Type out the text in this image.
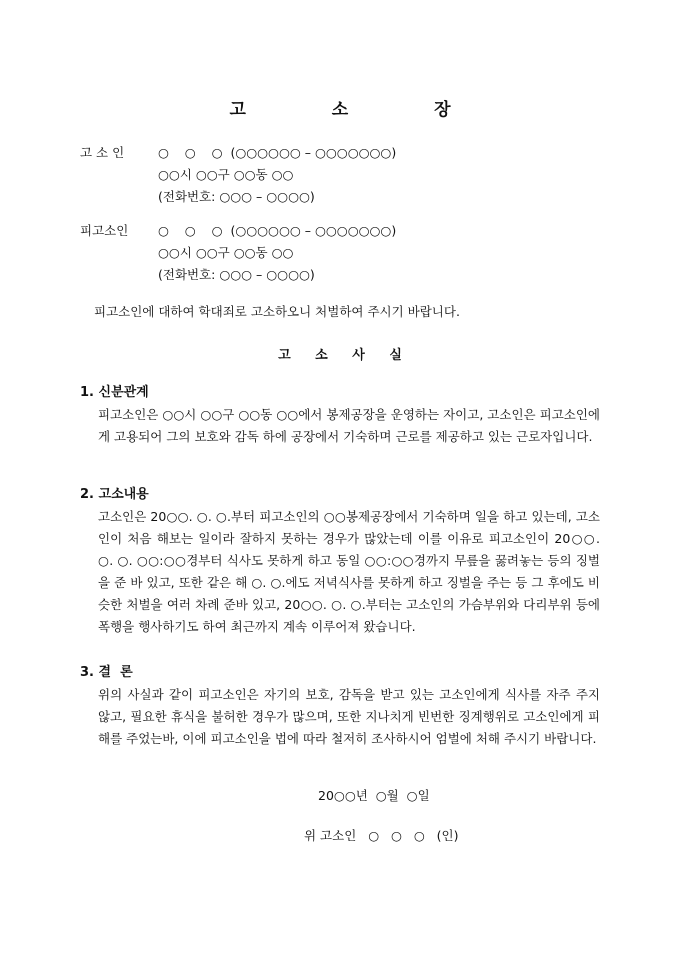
고 소 장
고 소 인	○    ○    ○  (○○○○○○ – ○○○○○○○)
○○시 ○○구 ○○동 ○○
(전화번호: ○○○ – ○○○○)
피고소인	○    ○    ○  (○○○○○○ – ○○○○○○○)
○○시 ○○구 ○○동 ○○
(전화번호: ○○○ – ○○○○)
피고소인에 대하여 학대죄로 고소하오니 처벌하여 주시기 바랍니다.
고 소 사 실
1. 신분관계
피고소인은 ○○시 ○○구 ○○동 ○○에서 봉제공장을 운영하는 자이고, 고소인은 피고소인에게 고용되어 그의 보호와 감독 하에 공장에서 기숙하며 근로를 제공하고 있는 근로자입니다.
2. 고소내용
고소인은 20○○. ○. ○.부터 피고소인의 ○○봉제공장에서 기숙하며 일을 하고 있는데, 고소인이 처음 해보는 일이라 잘하지 못하는 경우가 많았는데 이를 이유로 피고소인이 20○○. ○. ○. ○○:○○경부터 식사도 못하게 하고 동일 ○○:○○경까지 무릎을 꿇려놓는 등의 징벌을 준 바 있고, 또한 같은 해 ○. ○.에도 저녁식사를 못하게 하고 징벌을 주는 등 그 후에도 비슷한 처벌을 여러 차례 준바 있고, 20○○. ○. ○.부터는 고소인의 가슴부위와 다리부위 등에 폭행을 행사하기도 하여 최근까지 계속 이루어져 왔습니다.
3. 결  론
위의 사실과 같이 피고소인은 자기의 보호, 감독을 받고 있는 고소인에게 식사를 자주 주지 않고, 필요한 휴식을 불허한 경우가 많으며, 또한 지나치게 빈번한 징계행위로 고소인에게 피해를 주었는바, 이에 피고소인을 법에 따라 철저히 조사하시어 엄벌에 처해 주시기 바랍니다.
20○○년  ○월  ○일
위 고소인   ○   ○   ○   (인)
